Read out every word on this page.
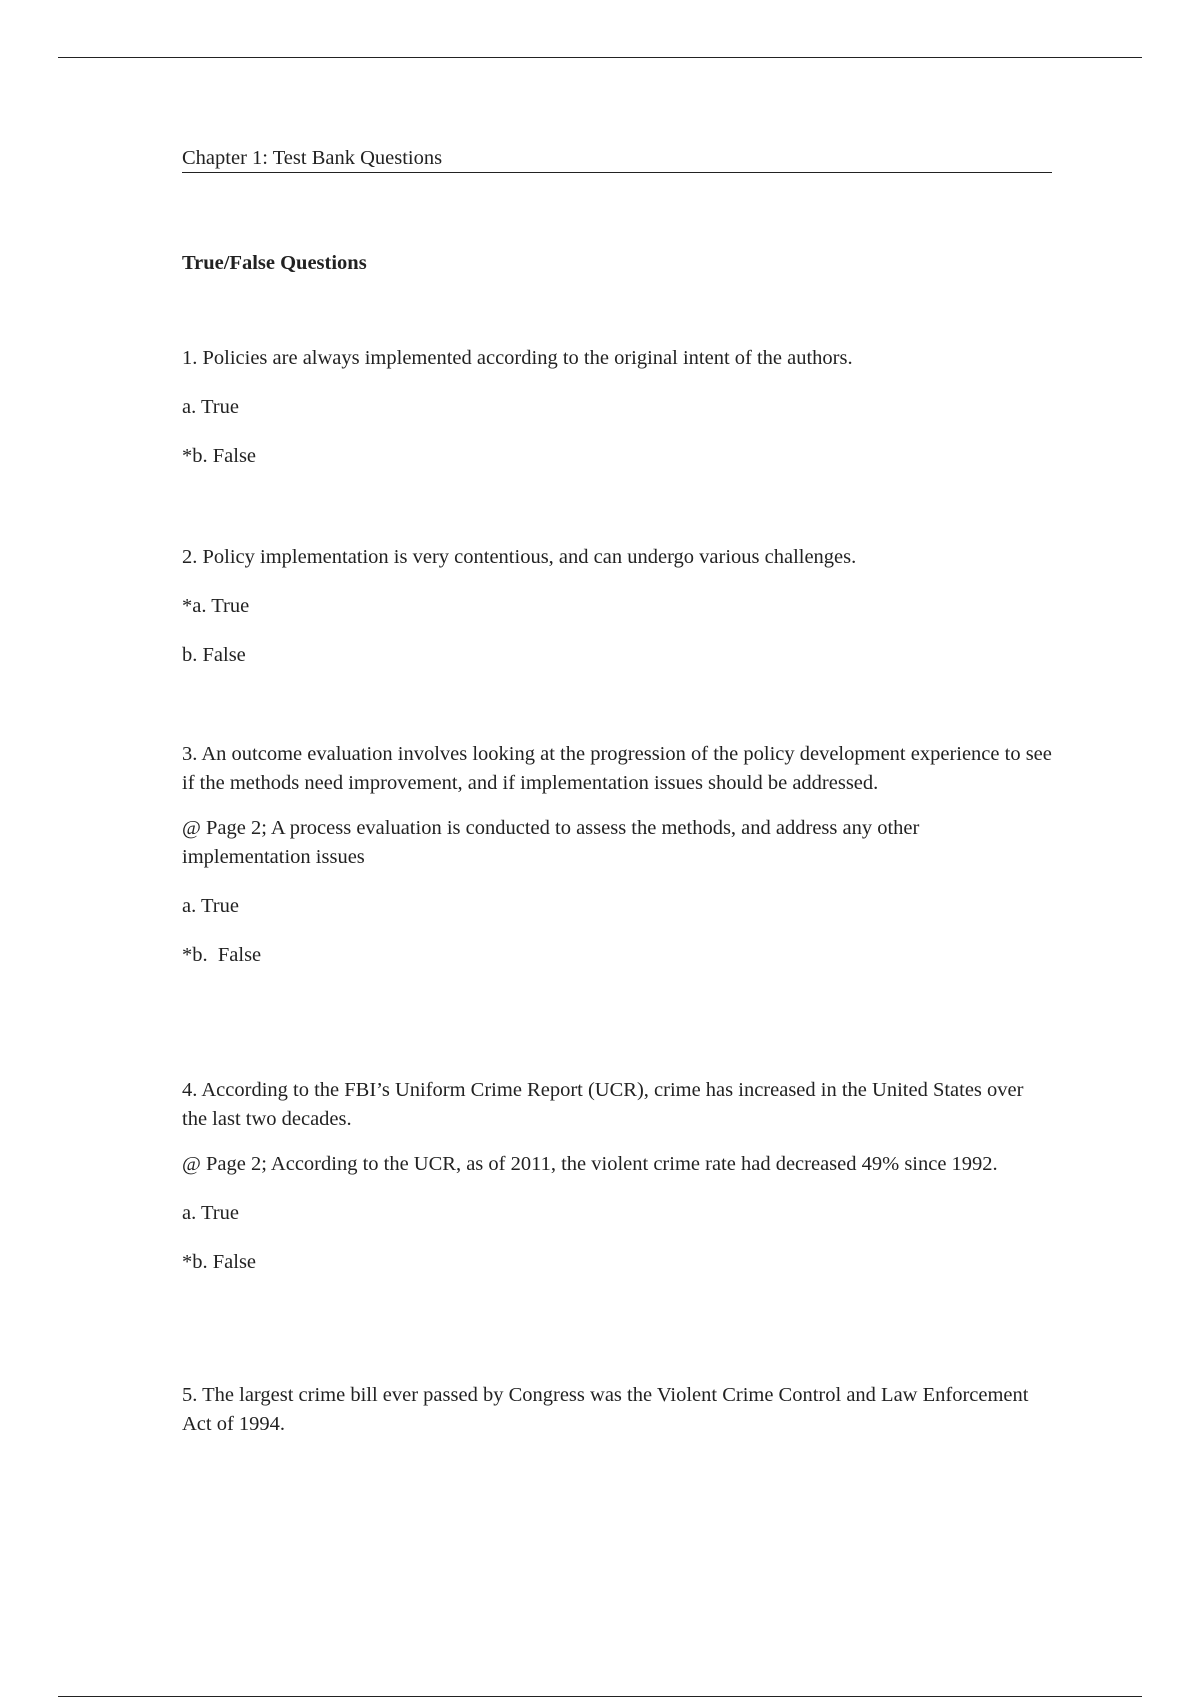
Chapter 1: Test Bank Questions
True/False Questions

1. Policies are always implemented according to the original intent of the authors.

a. True

*b. False

2. Policy implementation is very contentious, and can undergo various challenges.

*a. True

b. False

3. An outcome evaluation involves looking at the progression of the policy development experience to see if the methods need improvement, and if implementation issues should be addressed.

@ Page 2; A process evaluation is conducted to assess the methods, and address any other implementation issues

a. True

*b.  False

4. According to the FBI’s Uniform Crime Report (UCR), crime has increased in the United States over the last two decades.

@ Page 2; According to the UCR, as of 2011, the violent crime rate had decreased 49% since 1992.

a. True

*b. False

5. The largest crime bill ever passed by Congress was the Violent Crime Control and Law Enforcement Act of 1994.
